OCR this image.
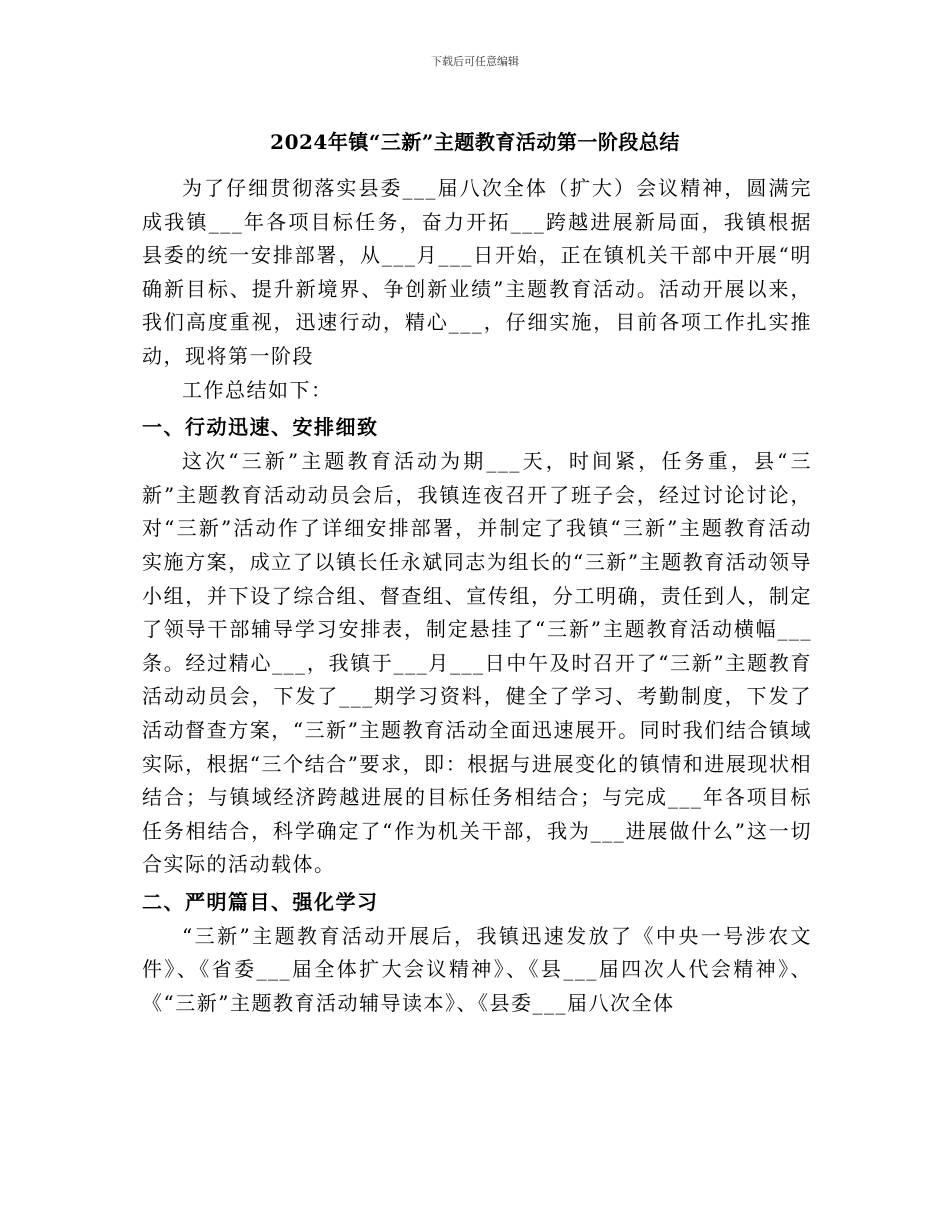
下载后可任意编辑
2024年镇“三新”主题教育活动第一阶段总结

为了仔细贯彻落实县委___届八次全体（扩大）会议精神，圆满完成我镇___年各项目标任务，奋力开拓___跨越进展新局面，我镇根据县委的统一安排部署，从___月___日开始，正在镇机关干部中开展“明确新目标、提升新境界、争创新业绩”主题教育活动。活动开展以来，我们高度重视，迅速行动，精心___，仔细实施，目前各项工作扎实推动，现将第一阶段

工作总结如下：

一、行动迅速、安排细致

这次“三新”主题教育活动为期___天，时间紧，任务重，县“三新”主题教育活动动员会后，我镇连夜召开了班子会，经过讨论讨论，对“三新”活动作了详细安排部署，并制定了我镇“三新”主题教育活动实施方案，成立了以镇长任永斌同志为组长的“三新”主题教育活动领导小组，并下设了综合组、督查组、宣传组，分工明确，责任到人，制定了领导干部辅导学习安排表，制定悬挂了“三新”主题教育活动横幅___条。经过精心___，我镇于___月___日中午及时召开了“三新”主题教育活动动员会，下发了___期学习资料，健全了学习、考勤制度，下发了活动督查方案，“三新”主题教育活动全面迅速展开。同时我们结合镇域实际，根据“三个结合”要求，即：根据与进展变化的镇情和进展现状相结合；与镇域经济跨越进展的目标任务相结合；与完成___年各项目标任务相结合，科学确定了“作为机关干部，我为___进展做什么”这一切合实际的活动载体。

二、严明篇目、强化学习

“三新”主题教育活动开展后，我镇迅速发放了《中央一号涉农文件》、《省委___届全体扩大会议精神》、《县___届四次人代会精神》、《“三新”主题教育活动辅导读本》、《县委___届八次全体
